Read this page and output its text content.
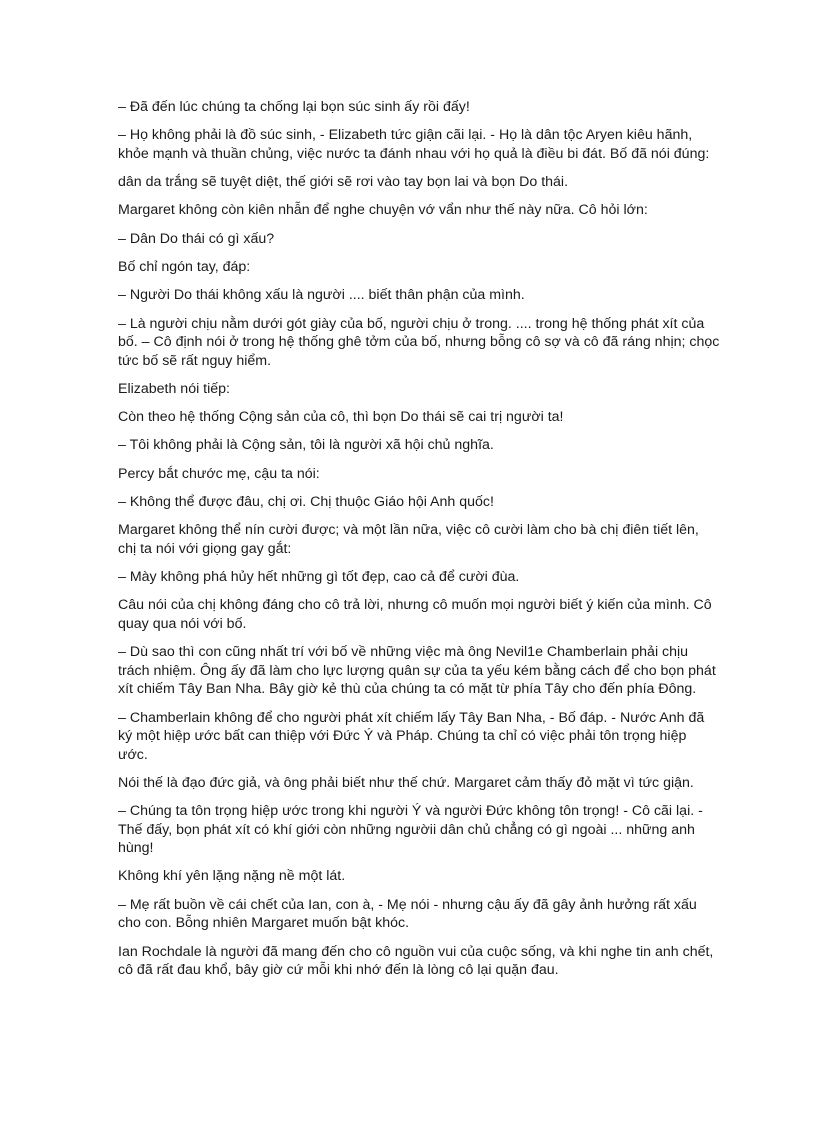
– Đã đến lúc chúng ta chống lại bọn súc sinh ấy rồi đấy!

– Họ không phải là đồ súc sinh, - Elizabeth tức giận cãi lại. - Họ là dân tộc Aryen kiêu hãnh, khỏe mạnh và thuần chủng, việc nước ta đánh nhau với họ quả là điều bi đát. Bố đã nói đúng:

dân da trắng sẽ tuyệt diệt, thế giới sẽ rơi vào tay bọn lai và bọn Do thái.

Margaret không còn kiên nhẫn để nghe chuyện vớ vẩn như thế này nữa. Cô hỏi lớn:

– Dân Do thái có gì xấu?

Bố chỉ ngón tay, đáp:

– Người Do thái không xấu là người .... biết thân phận của mình.

– Là người chịu nằm dưới gót giày của bố, người chịu ở trong. .... trong hệ thống phát xít của bố. – Cô định nói ở trong hệ thống ghê tởm của bố, nhưng bỗng cô sợ và cô đã ráng nhịn; chọc tức bố sẽ rất nguy hiểm.

Elizabeth nói tiếp:

Còn theo hệ thống Cộng sản của cô, thì bọn Do thái sẽ cai trị người ta!

– Tôi không phải là Cộng sản, tôi là người xã hội chủ nghĩa.

Percy bắt chước mẹ, cậu ta nói:

– Không thể được đâu, chị ơi. Chị thuộc Giáo hội Anh quốc!

Margaret không thể nín cười được; và một lần nữa, việc cô cười làm cho bà chị điên tiết lên, chị ta nói với giọng gay gắt:

– Mày không phá hủy hết những gì tốt đẹp, cao cả để cười đùa.

Câu nói của chị không đáng cho cô trả lời, nhưng cô muốn mọi người biết ý kiến của mình. Cô quay qua nói với bố.

– Dù sao thì con cũng nhất trí với bố về những việc mà ông Nevil1e Chamberlain phải chịu trách nhiệm. Ông ấy đã làm cho lực lượng quân sự của ta yếu kém bằng cách để cho bọn phát xít chiếm Tây Ban Nha. Bây giờ kẻ thù của chúng ta có mặt từ phía Tây cho đến phía Đông.

– Chamberlain không để cho người phát xít chiếm lấy Tây Ban Nha, - Bố đáp. - Nước Anh đã ký một hiệp ước bất can thiệp với Đức Ý và Pháp. Chúng ta chỉ có việc phải tôn trọng hiệp ước.

Nói thế là đạo đức giả, và ông phải biết như thế chứ. Margaret cảm thấy đỏ mặt vì tức giận.

– Chúng ta tôn trọng hiệp ước trong khi người Ý và người Đức không tôn trọng! - Cô cãi lại. - Thế đấy, bọn phát xít có khí giới còn những ngườii dân chủ chẳng có gì ngoài ... những anh hùng!

Không khí yên lặng nặng nề một lát.

– Mẹ rất buồn về cái chết của Ian, con à, - Mẹ nói - nhưng cậu ấy đã gây ảnh hưởng rất xấu cho con. Bỗng nhiên Margaret muốn bật khóc.

Ian Rochdale là người đã mang đến cho cô nguồn vui của cuộc sống, và khi nghe tin anh chết, cô đã rất đau khổ, bây giờ cứ mỗi khi nhớ đến là lòng cô lại quặn đau.
